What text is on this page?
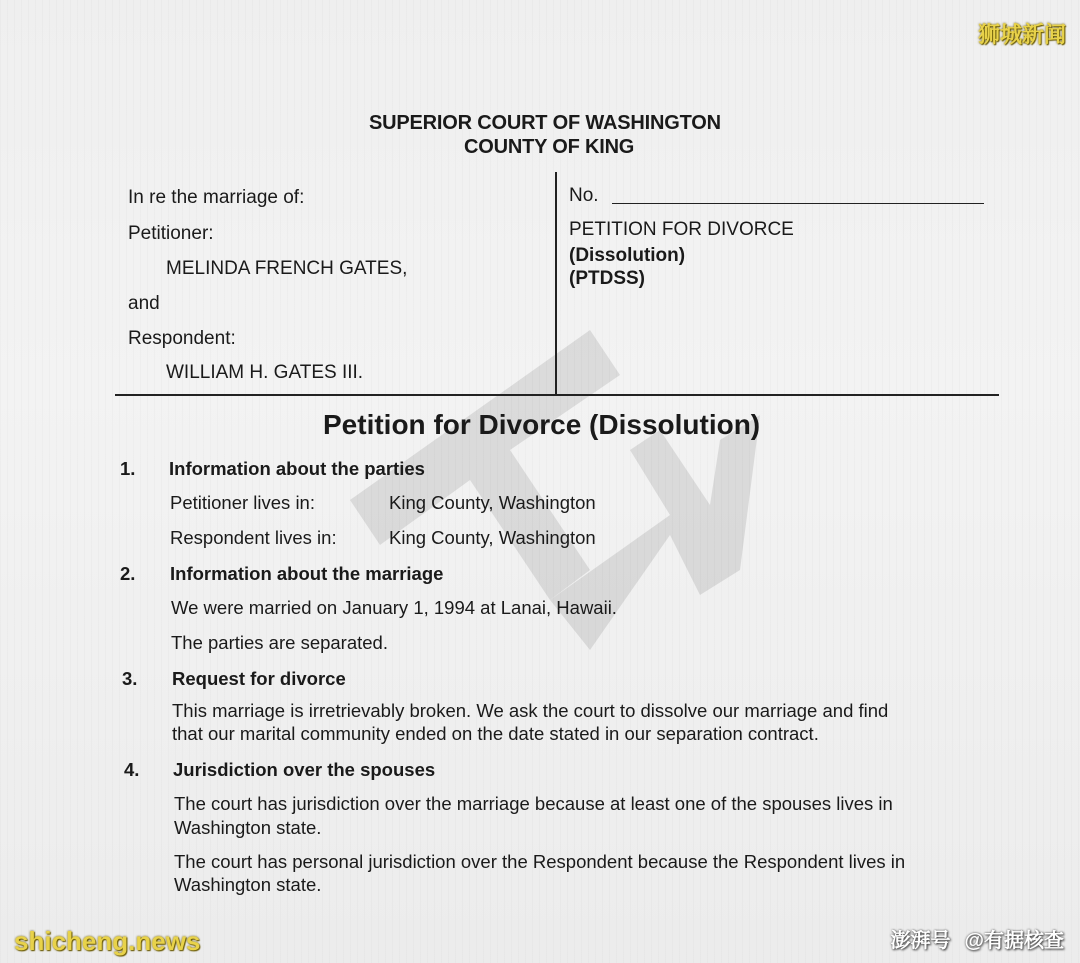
SUPERIOR COURT OF WASHINGTON
COUNTY OF KING
In re the marriage of:
Petitioner:
MELINDA FRENCH GATES,
and
Respondent:
WILLIAM H. GATES III.
No.
PETITION FOR DIVORCE
(Dissolution)
(PTDSS)
Petition for Divorce (Dissolution)
1. Information about the parties
Petitioner lives in:	King County, Washington
Respondent lives in:	King County, Washington
2. Information about the marriage
We were married on January 1, 1994 at Lanai, Hawaii.
The parties are separated.
3. Request for divorce
This marriage is irretrievably broken. We ask the court to dissolve our marriage and find
that our marital community ended on the date stated in our separation contract.
4. Jurisdiction over the spouses
The court has jurisdiction over the marriage because at least one of the spouses lives in
Washington state.
The court has personal jurisdiction over the Respondent because the Respondent lives in
Washington state.
狮城新闻
shicheng.news	澎湃号 @有据核查
